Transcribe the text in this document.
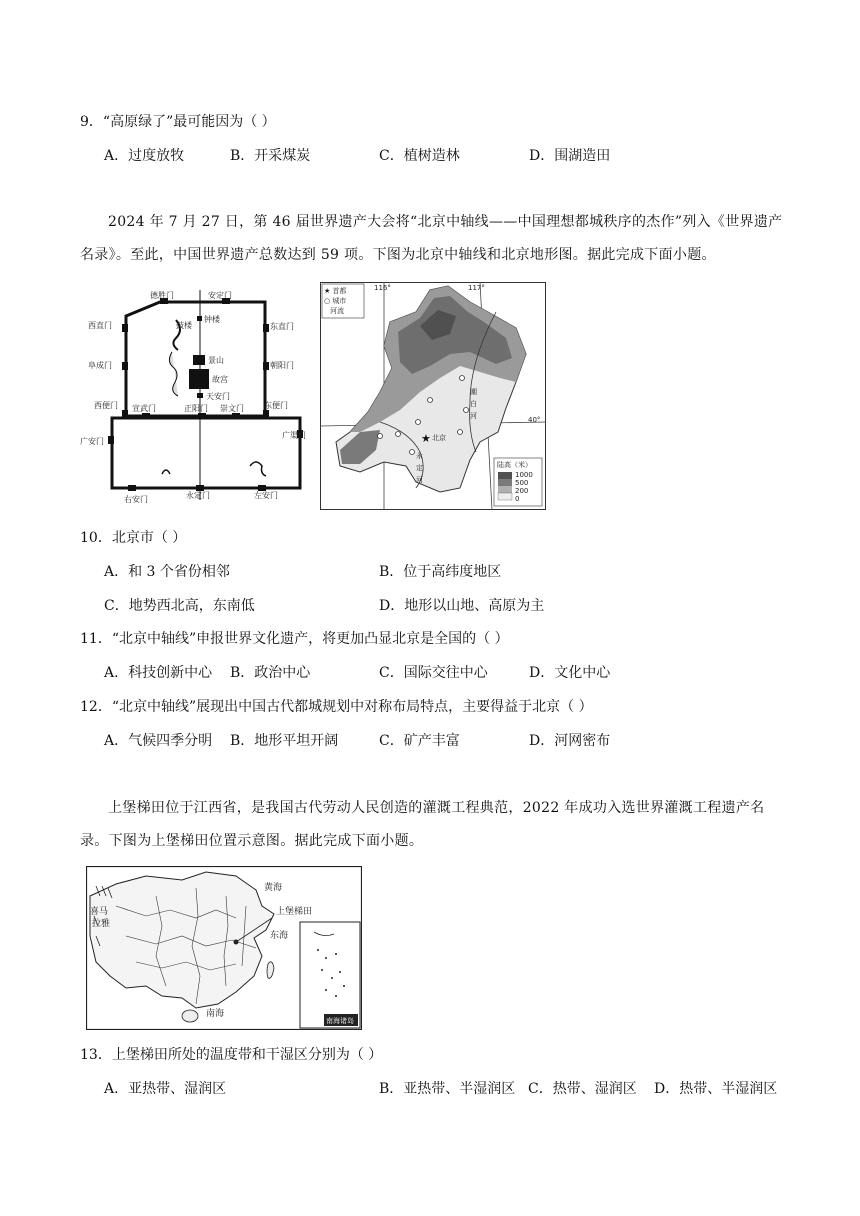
9．“高原绿了”最可能因为（ ）
A．过度放牧	B．开采煤炭	C．植树造林	D．围湖造田
2024 年 7 月 27 日，第 46 届世界遗产大会将“北京中轴线——中国理想都城秩序的杰作”列入《世界遗产名录》。至此，中国世界遗产总数达到 59 项。下图为北京中轴线和北京地形图。据此完成下面小题。
德胜门	安定门
西直门	东直门
阜成门	朝阳门
西便门	东便门
宣武门	正阳门 崇文门
广安门
广渠门
右安门	永定门	左安门
鼓楼
钟楼
景山
故宫
天安门
★ 北京
潮
白
河
永
定
河
116°	117°
40°
★ 首都
○ 城市
河流
陆高（米）
1000
500
200
0
10．北京市（ ）
A．和 3 个省份相邻	B．位于高纬度地区
C．地势西北高，东南低	D．地形以山地、高原为主
11．“北京中轴线”申报世界文化遗产，将更加凸显北京是全国的（ ）
A．科技创新中心 B．政治中心	C．国际交往中心	D．文化中心
12．“北京中轴线”展现出中国古代都城规划中对称布局特点，主要得益于北京（ ）
A．气候四季分明 B．地形平坦开阔	C．矿产丰富	D．河网密布
上堡梯田位于江西省，是我国古代劳动人民创造的灌溉工程典范，2022 年成功入选世界灌溉工程遗产名录。下图为上堡梯田位置示意图。据此完成下面小题。
黄海
上堡梯田
东海
南海
喜马
拉雅
南海诸岛
13．上堡梯田所处的温度带和干湿区分别为（ ）
A．亚热带、湿润区	B．亚热带、半湿润区 C．热带、湿润区 D．热带、半湿润区
